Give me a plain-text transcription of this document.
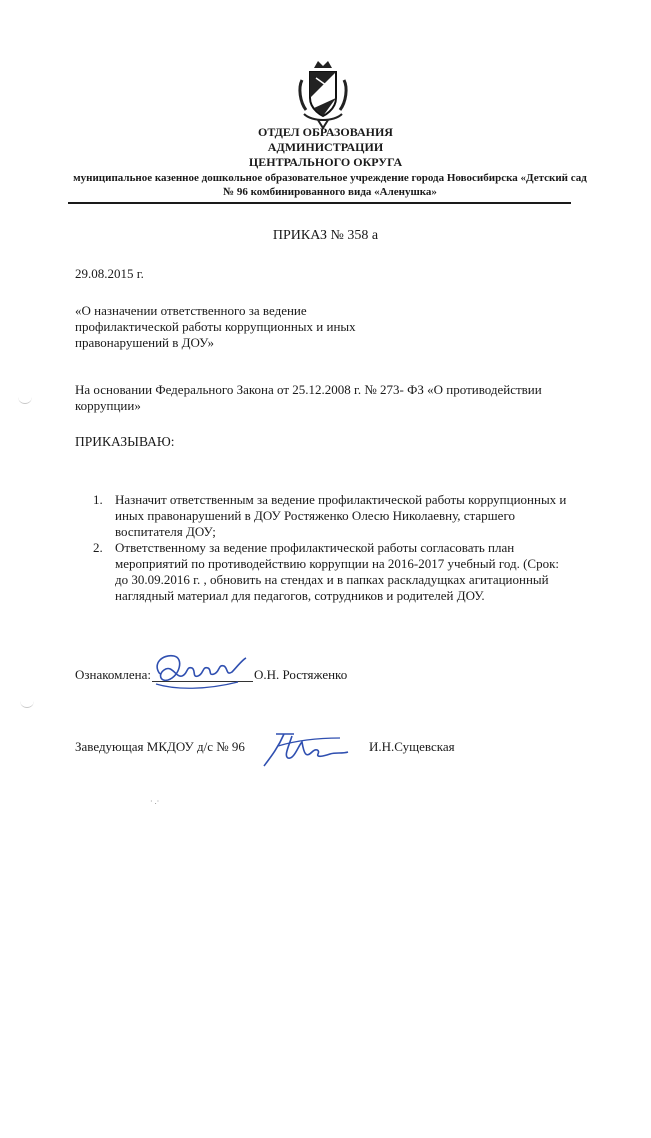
ОТДЕЛ ОБРАЗОВАНИЯ
АДМИНИСТРАЦИИ
ЦЕНТРАЛЬНОГО ОКРУГА
муниципальное казенное дошкольное образовательное учреждение города Новосибирска «Детский сад № 96 комбинированного вида «Аленушка»
ПРИКАЗ № 358 а
29.08.2015 г.
«О назначении ответственного за ведение
профилактической работы коррупционных и иных
правонарушений в ДОУ»
На основании Федерального Закона от 25.12.2008 г. № 273- ФЗ «О противодействии коррупции»
ПРИКАЗЫВАЮ:
1. Назначит ответственным за ведение профилактической работы коррупционных и иных правонарушений в ДОУ Ростяженко Олесю Николаевну, старшего воспитателя ДОУ;
2. Ответственному за ведение профилактической работы согласовать план мероприятий по противодействию коррупции на 2016-2017 учебный год. (Срок: до 30.09.2016 г. , обновить на стендах и в папках раскладущках агитационный наглядный материал для педагогов, сотрудников и родителей ДОУ.
Ознакомлена:	О.Н. Ростяженко
Заведующая МКДОУ д/с № 96	И.Н.Сущевская
· .·
